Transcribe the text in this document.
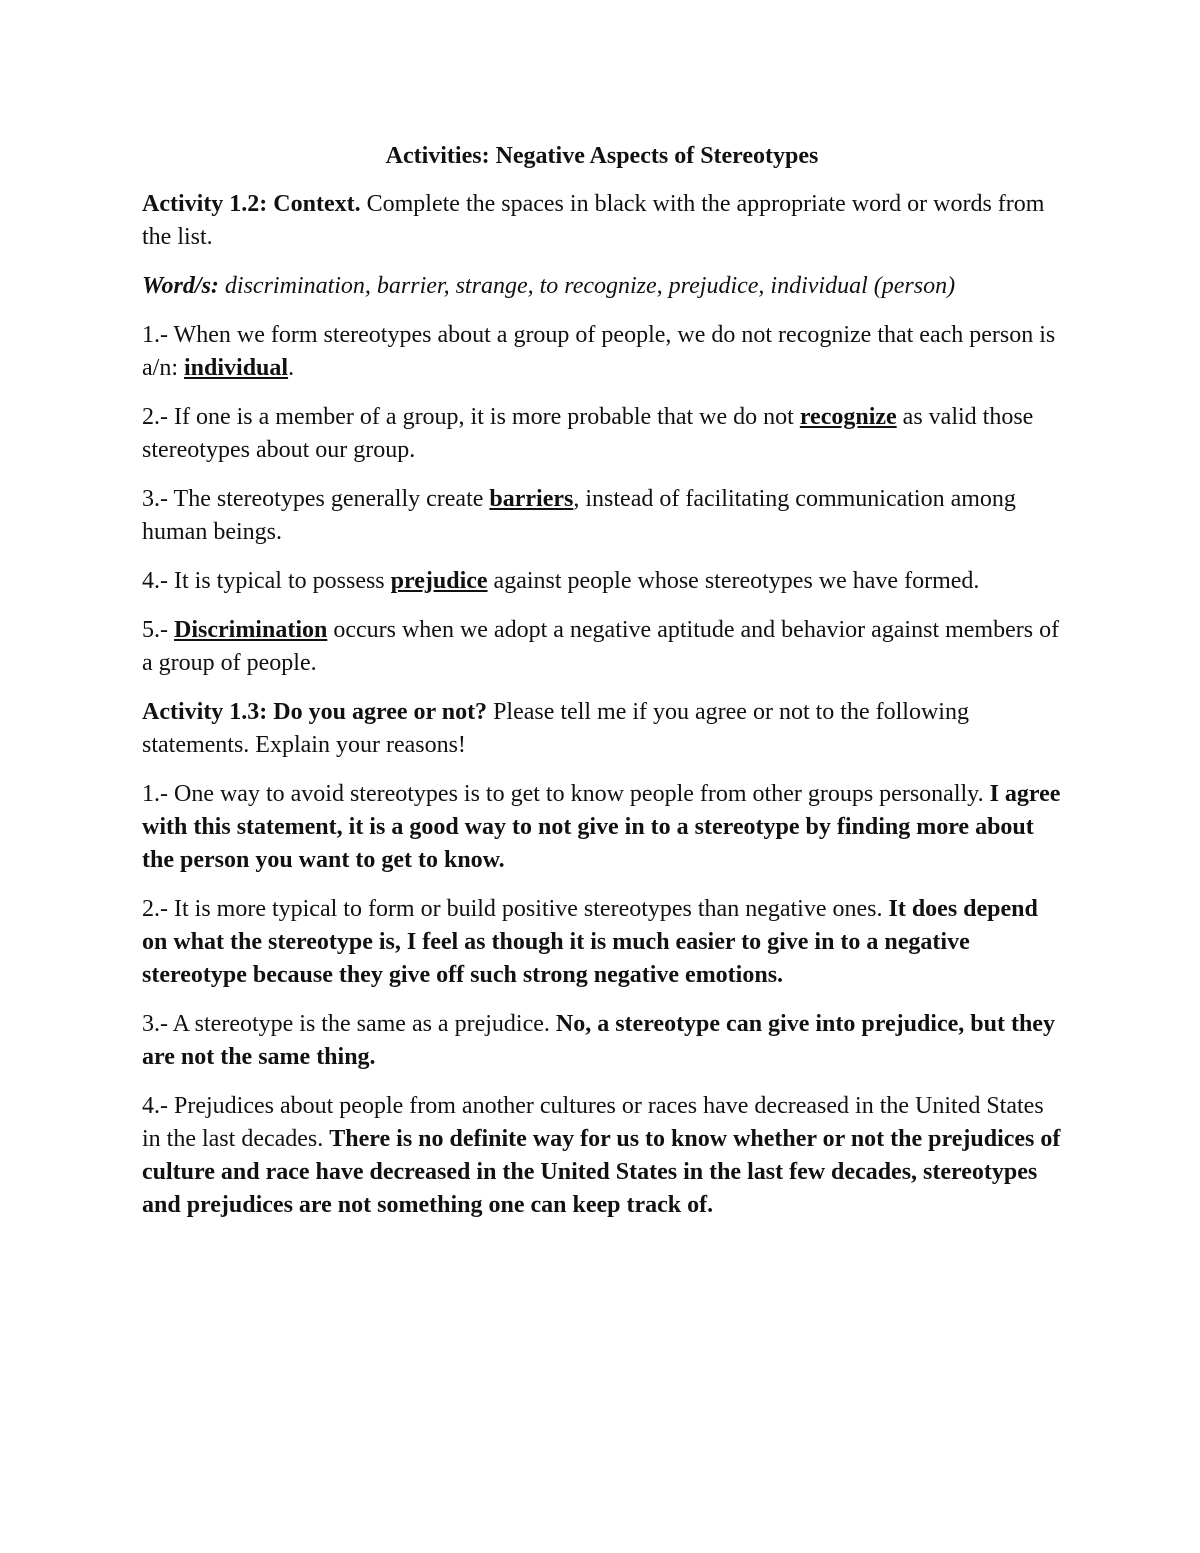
Activities: Negative Aspects of Stereotypes

Activity 1.2: Context. Complete the spaces in black with the appropriate word or words from the list.

Word/s: discrimination, barrier, strange, to recognize, prejudice, individual (person)

1.- When we form stereotypes about a group of people, we do not recognize that each person is a/n: individual.

2.- If one is a member of a group, it is more probable that we do not recognize as valid those stereotypes about our group.

3.- The stereotypes generally create barriers, instead of facilitating communication among human beings.

4.- It is typical to possess prejudice against people whose stereotypes we have formed.

5.- Discrimination occurs when we adopt a negative aptitude and behavior against members of a group of people.

Activity 1.3: Do you agree or not? Please tell me if you agree or not to the following statements. Explain your reasons!

1.- One way to avoid stereotypes is to get to know people from other groups personally. I agree with this statement, it is a good way to not give in to a stereotype by finding more about the person you want to get to know.

2.- It is more typical to form or build positive stereotypes than negative ones. It does depend on what the stereotype is, I feel as though it is much easier to give in to a negative stereotype because they give off such strong negative emotions.

3.- A stereotype is the same as a prejudice. No, a stereotype can give into prejudice, but they are not the same thing.

4.- Prejudices about people from another cultures or races have decreased in the United States in the last decades. There is no definite way for us to know whether or not the prejudices of culture and race have decreased in the United States in the last few decades, stereotypes and prejudices are not something one can keep track of.
